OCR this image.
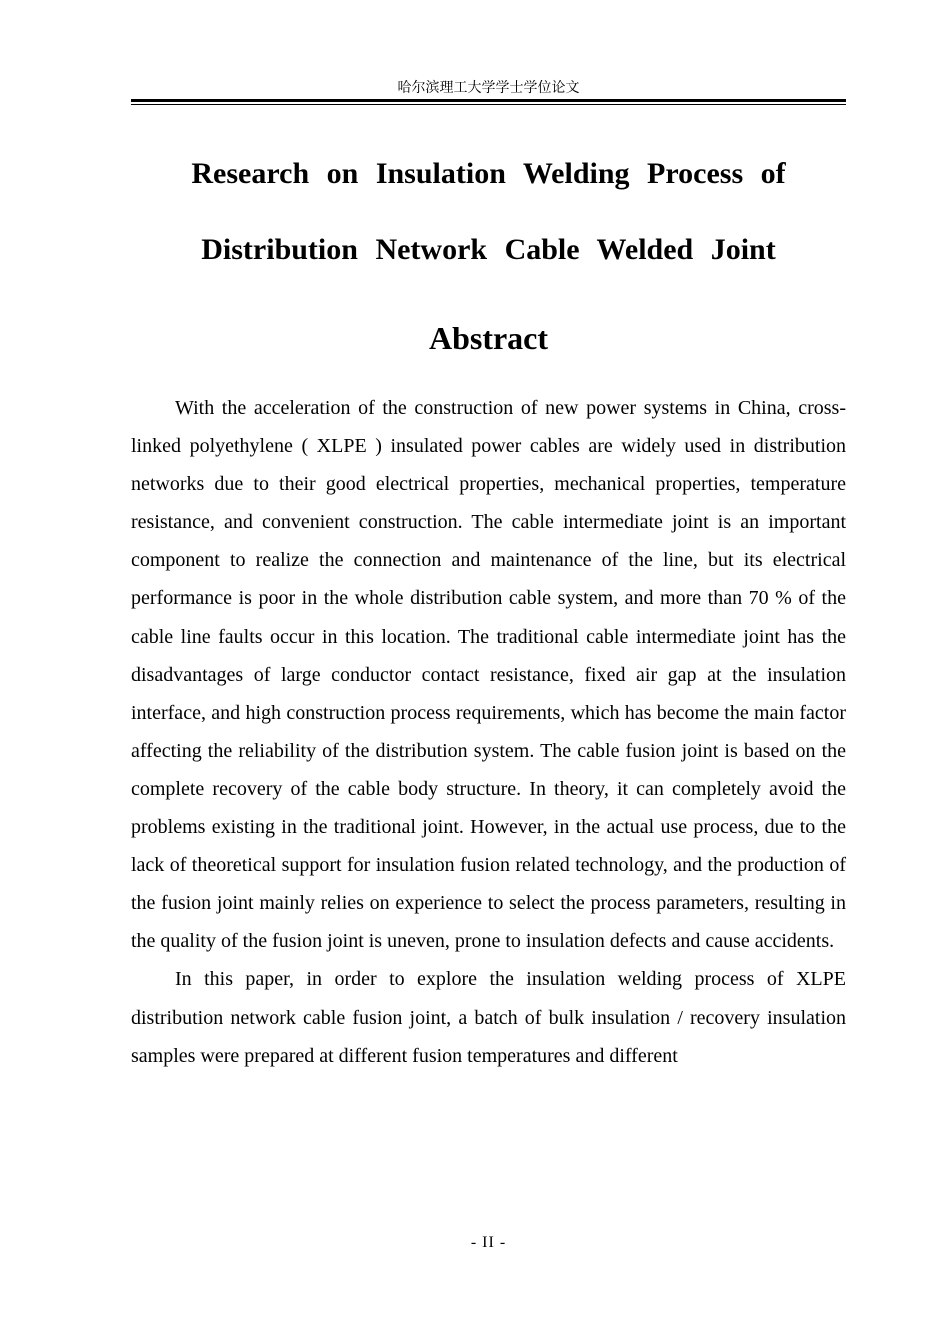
哈尔滨理工大学学士学位论文
Research on Insulation Welding Process of
Distribution Network Cable Welded Joint
Abstract

With the acceleration of the construction of new power systems in China, cross-linked polyethylene ( XLPE ) insulated power cables are widely used in distribution networks due to their good electrical properties, mechanical properties, temperature resistance, and convenient construction. The cable intermediate joint is an important component to realize the connection and maintenance of the line, but its electrical performance is poor in the whole distribution cable system, and more than 70 % of the cable line faults occur in this location. The traditional cable intermediate joint has the disadvantages of large conductor contact resistance, fixed air gap at the insulation interface, and high construction process requirements, which has become the main factor affecting the reliability of the distribution system. The cable fusion joint is based on the complete recovery of the cable body structure. In theory, it can completely avoid the problems existing in the traditional joint. However, in the actual use process, due to the lack of theoretical support for insulation fusion related technology, and the production of the fusion joint mainly relies on experience to select the process parameters, resulting in the quality of the fusion joint is uneven, prone to insulation defects and cause accidents.

In this paper, in order to explore the insulation welding process of XLPE distribution network cable fusion joint, a batch of bulk insulation / recovery insulation samples were prepared at different fusion temperatures and different

- II -
